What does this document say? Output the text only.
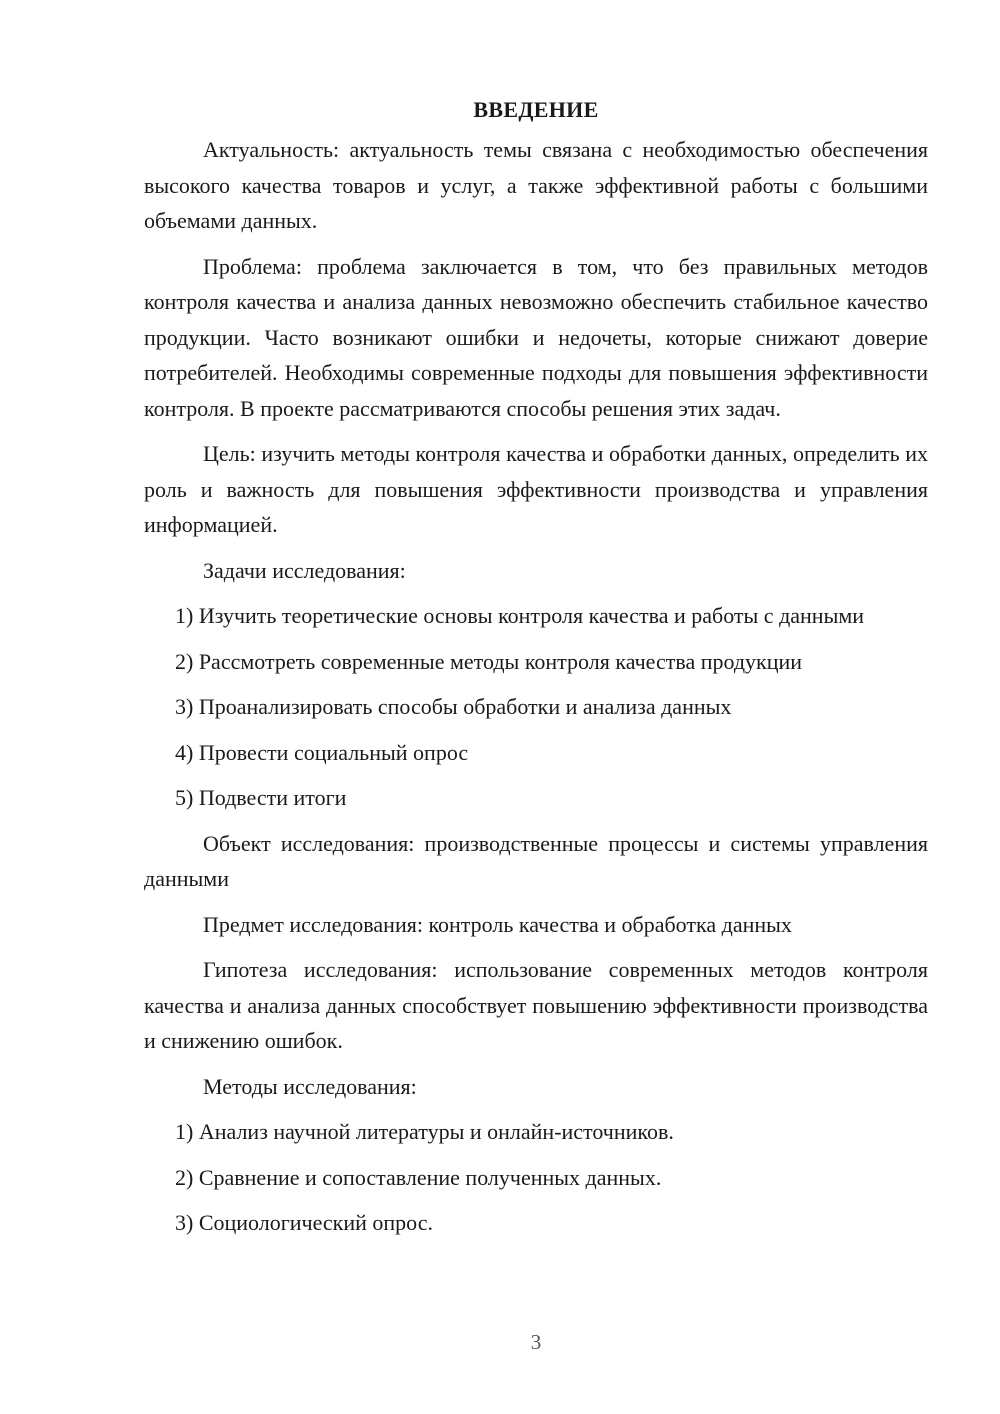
ВВЕДЕНИЕ

Актуальность: актуальность темы связана с необходимостью обеспечения высокого качества товаров и услуг, а также эффективной работы с большими объемами данных.

Проблема: проблема заключается в том, что без правильных методов контроля качества и анализа данных невозможно обеспечить стабильное качество продукции. Часто возникают ошибки и недочеты, которые снижают доверие потребителей. Необходимы современные подходы для повышения эффективности контроля. В проекте рассматриваются способы решения этих задач.

Цель: изучить методы контроля качества и обработки данных, определить их роль и важность для повышения эффективности производства и управления информацией.

Задачи исследования:

1) Изучить теоретические основы контроля качества и работы с данными

2) Рассмотреть современные методы контроля качества продукции

3) Проанализировать способы обработки и анализа данных

4) Провести социальный опрос

5) Подвести итоги

Объект исследования: производственные процессы и системы управления данными

Предмет исследования: контроль качества и обработка данных

Гипотеза исследования: использование современных методов контроля качества и анализа данных способствует повышению эффективности производства и снижению ошибок.

Методы исследования:

1) Анализ научной литературы и онлайн-источников.

2) Сравнение и сопоставление полученных данных.

3) Социологический опрос.

3
